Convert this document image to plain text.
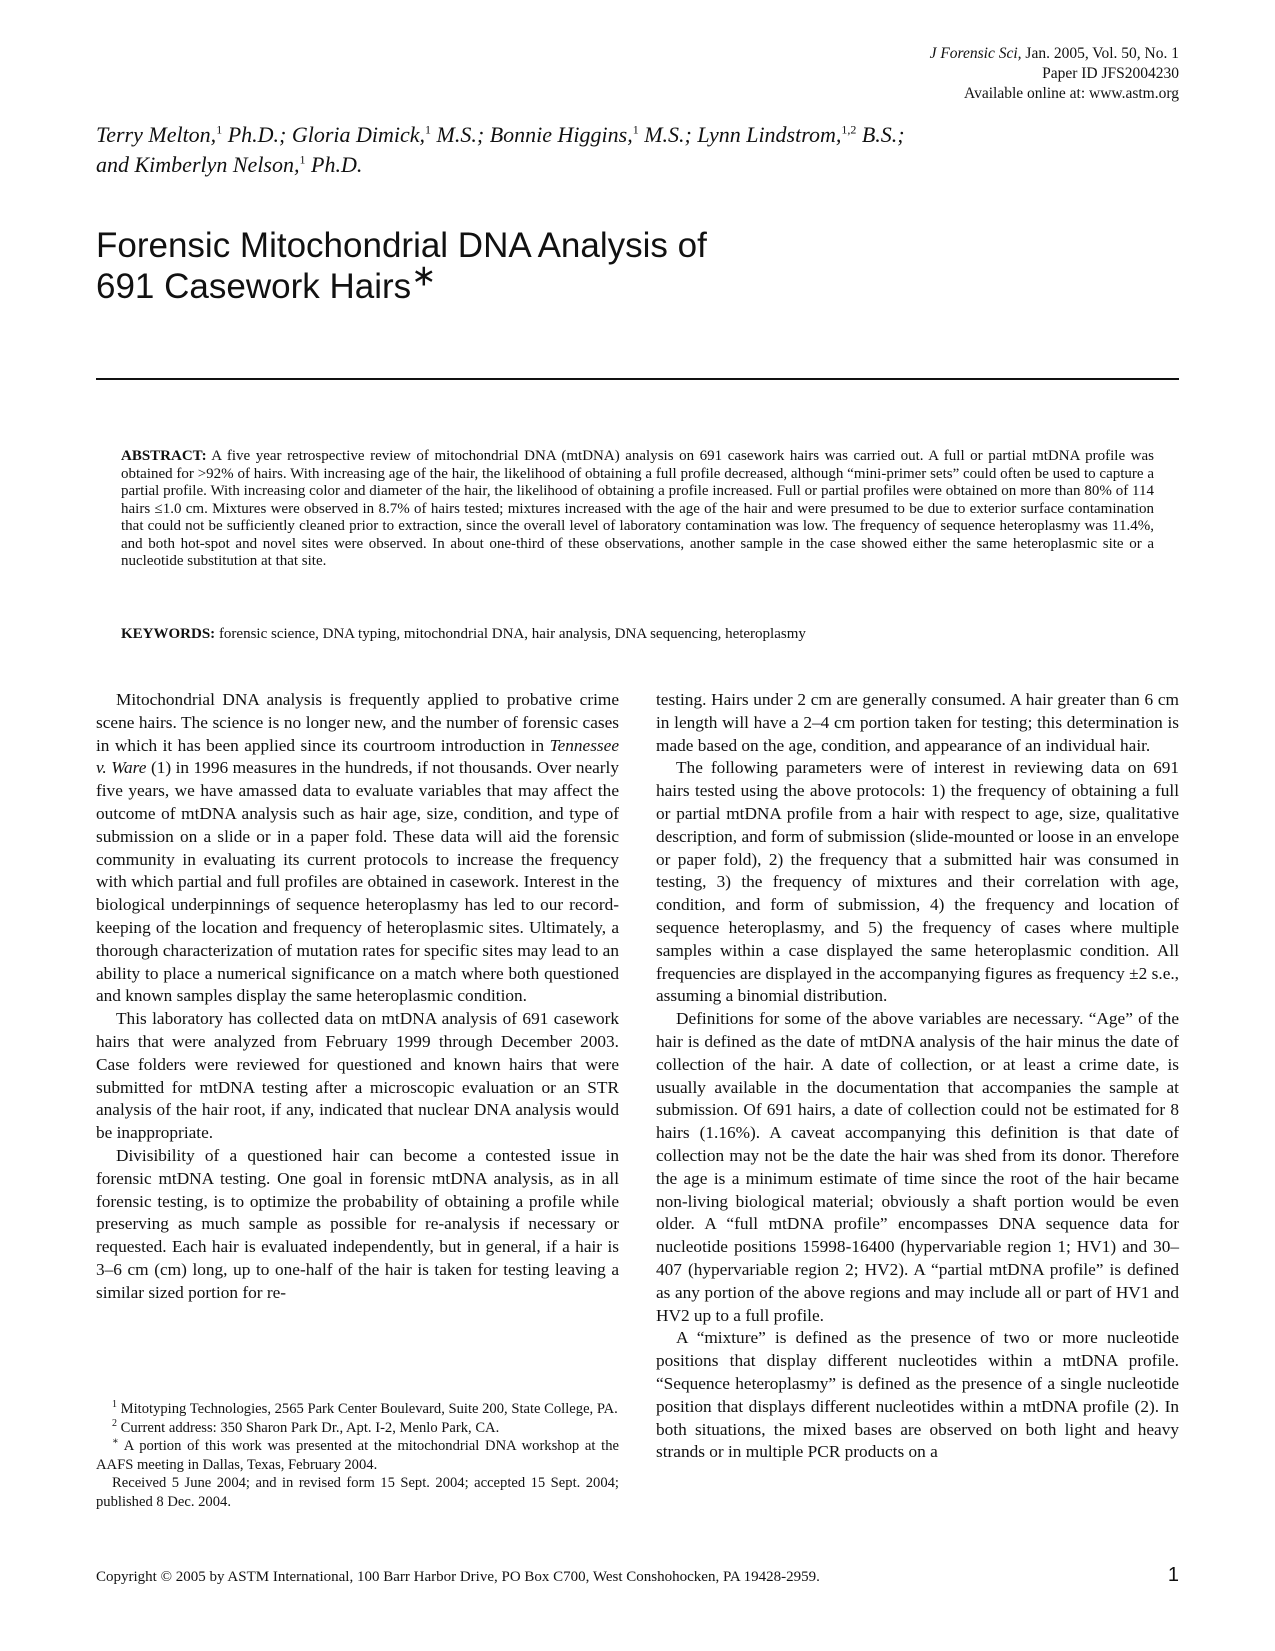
J Forensic Sci, Jan. 2005, Vol. 50, No. 1
Paper ID JFS2004230
Available online at: www.astm.org
Terry Melton,$^1$ Ph.D.; Gloria Dimick,$^1$ M.S.; Bonnie Higgins,$^1$ M.S.; Lynn Lindstrom,$^{1,2}$ B.S.;
and Kimberlyn Nelson,$^1$ Ph.D.
Forensic Mitochondrial DNA Analysis of
691 Casework Hairs∗
ABSTRACT: A five year retrospective review of mitochondrial DNA (mtDNA) analysis on 691 casework hairs was carried out. A full or partial mtDNA profile was obtained for >92% of hairs. With increasing age of the hair, the likelihood of obtaining a full profile decreased, although “mini-primer sets” could often be used to capture a partial profile. With increasing color and diameter of the hair, the likelihood of obtaining a profile increased. Full or partial profiles were obtained on more than 80% of 114 hairs ≤1.0 cm. Mixtures were observed in 8.7% of hairs tested; mixtures increased with the age of the hair and were presumed to be due to exterior surface contamination that could not be sufficiently cleaned prior to extraction, since the overall level of laboratory contamination was low. The frequency of sequence heteroplasmy was 11.4%, and both hot-spot and novel sites were observed. In about one-third of these observations, another sample in the case showed either the same heteroplasmic site or a nucleotide substitution at that site.
KEYWORDS: forensic science, DNA typing, mitochondrial DNA, hair analysis, DNA sequencing, heteroplasmy

Mitochondrial DNA analysis is frequently applied to probative crime scene hairs. The science is no longer new, and the number of forensic cases in which it has been applied since its courtroom introduction in Tennessee v. Ware (1) in 1996 measures in the hundreds, if not thousands. Over nearly five years, we have amassed data to evaluate variables that may affect the outcome of mtDNA analysis such as hair age, size, condition, and type of submission on a slide or in a paper fold. These data will aid the forensic community in evaluating its current protocols to increase the frequency with which partial and full profiles are obtained in casework. Interest in the biological underpinnings of sequence heteroplasmy has led to our record-keeping of the location and frequency of heteroplasmic sites. Ultimately, a thorough characterization of mutation rates for specific sites may lead to an ability to place a numerical significance on a match where both questioned and known samples display the same heteroplasmic condition.

This laboratory has collected data on mtDNA analysis of 691 casework hairs that were analyzed from February 1999 through December 2003. Case folders were reviewed for questioned and known hairs that were submitted for mtDNA testing after a microscopic evaluation or an STR analysis of the hair root, if any, indicated that nuclear DNA analysis would be inappropriate.

Divisibility of a questioned hair can become a contested issue in forensic mtDNA testing. One goal in forensic mtDNA analysis, as in all forensic testing, is to optimize the probability of obtaining a profile while preserving as much sample as possible for re-analysis if necessary or requested. Each hair is evaluated independently, but in general, if a hair is 3–6 cm (cm) long, up to one-half of the hair is taken for testing leaving a similar sized portion for re-

testing. Hairs under 2 cm are generally consumed. A hair greater than 6 cm in length will have a 2–4 cm portion taken for testing; this determination is made based on the age, condition, and appearance of an individual hair.

The following parameters were of interest in reviewing data on 691 hairs tested using the above protocols: 1) the frequency of obtaining a full or partial mtDNA profile from a hair with respect to age, size, qualitative description, and form of submission (slide-mounted or loose in an envelope or paper fold), 2) the frequency that a submitted hair was consumed in testing, 3) the frequency of mixtures and their correlation with age, condition, and form of submission, 4) the frequency and location of sequence heteroplasmy, and 5) the frequency of cases where multiple samples within a case displayed the same heteroplasmic condition. All frequencies are displayed in the accompanying figures as frequency ±2 s.e., assuming a binomial distribution.

Definitions for some of the above variables are necessary. “Age” of the hair is defined as the date of mtDNA analysis of the hair minus the date of collection of the hair. A date of collection, or at least a crime date, is usually available in the documentation that accompanies the sample at submission. Of 691 hairs, a date of collection could not be estimated for 8 hairs (1.16%). A caveat accompanying this definition is that date of collection may not be the date the hair was shed from its donor. Therefore the age is a minimum estimate of time since the root of the hair became non-living biological material; obviously a shaft portion would be even older. A “full mtDNA profile” encompasses DNA sequence data for nucleotide positions 15998-16400 (hypervariable region 1; HV1) and 30–407 (hypervariable region 2; HV2). A “partial mtDNA profile” is defined as any portion of the above regions and may include all or part of HV1 and HV2 up to a full profile.

A “mixture” is defined as the presence of two or more nucleotide positions that display different nucleotides within a mtDNA profile. “Sequence heteroplasmy” is defined as the presence of a single nucleotide position that displays different nucleotides within a mtDNA profile (2). In both situations, the mixed bases are observed on both light and heavy strands or in multiple PCR products on a

$^1$ Mitotyping Technologies, 2565 Park Center Boulevard, Suite 200, State College, PA.

$^2$ Current address: 350 Sharon Park Dr., Apt. I-2, Menlo Park, CA.

∗ A portion of this work was presented at the mitochondrial DNA workshop at the AAFS meeting in Dallas, Texas, February 2004.

Received 5 June 2004; and in revised form 15 Sept. 2004; accepted 15 Sept. 2004; published 8 Dec. 2004.

Copyright © 2005 by ASTM International, 100 Barr Harbor Drive, PO Box C700, West Conshohocken, PA 19428-2959.	1
